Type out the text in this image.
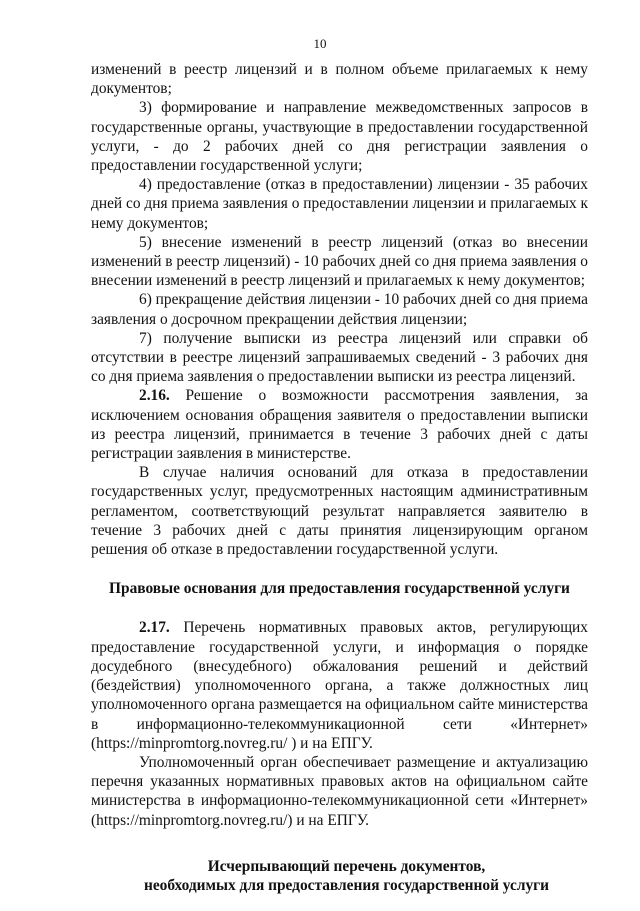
10

изменений в реестр лицензий и в полном объеме прилагаемых к нему документов;

3) формирование и направление межведомственных запросов в государственные органы, участвующие в предоставлении государственной услуги, - до 2 рабочих дней со дня регистрации заявления о предоставлении государственной услуги;

4) предоставление (отказ в предоставлении) лицензии - 35 рабочих дней со дня приема заявления о предоставлении лицензии и прилагаемых к нему документов;

5) внесение изменений в реестр лицензий (отказ во внесении изменений в реестр лицензий) - 10 рабочих дней со дня приема заявления о внесении изменений в реестр лицензий и прилагаемых к нему документов;

6) прекращение действия лицензии - 10 рабочих дней со дня приема заявления о досрочном прекращении действия лицензии;

7) получение выписки из реестра лицензий или справки об отсутствии в реестре лицензий запрашиваемых сведений - 3 рабочих дня со дня приема заявления о предоставлении выписки из реестра лицензий.

2.16. Решение о возможности рассмотрения заявления, за исключением основания обращения заявителя о предоставлении выписки из реестра лицензий, принимается в течение 3 рабочих дней с даты регистрации заявления в министерстве.

В случае наличия оснований для отказа в предоставлении государственных услуг, предусмотренных настоящим административным регламентом, соответствующий результат направляется заявителю в течение 3 рабочих дней с даты принятия лицензирующим органом решения об отказе в предоставлении государственной услуги.

Правовые основания для предоставления государственной услуги

2.17. Перечень нормативных правовых актов, регулирующих предоставление государственной услуги, и информация о порядке досудебного (внесудебного) обжалования решений и действий (бездействия) уполномоченного органа, а также должностных лиц уполномоченного органа размещается на официальном сайте министерства в информационно-телекоммуникационной сети «Интернет» (https://minpromtorg.novreg.ru/ ) и на ЕПГУ.

Уполномоченный орган обеспечивает размещение и актуализацию перечня указанных нормативных правовых актов на официальном сайте министерства в информационно-телекоммуникационной сети «Интернет» (https://minpromtorg.novreg.ru/) и на ЕПГУ.

Исчерпывающий перечень документов,
необходимых для предоставления государственной услуги
